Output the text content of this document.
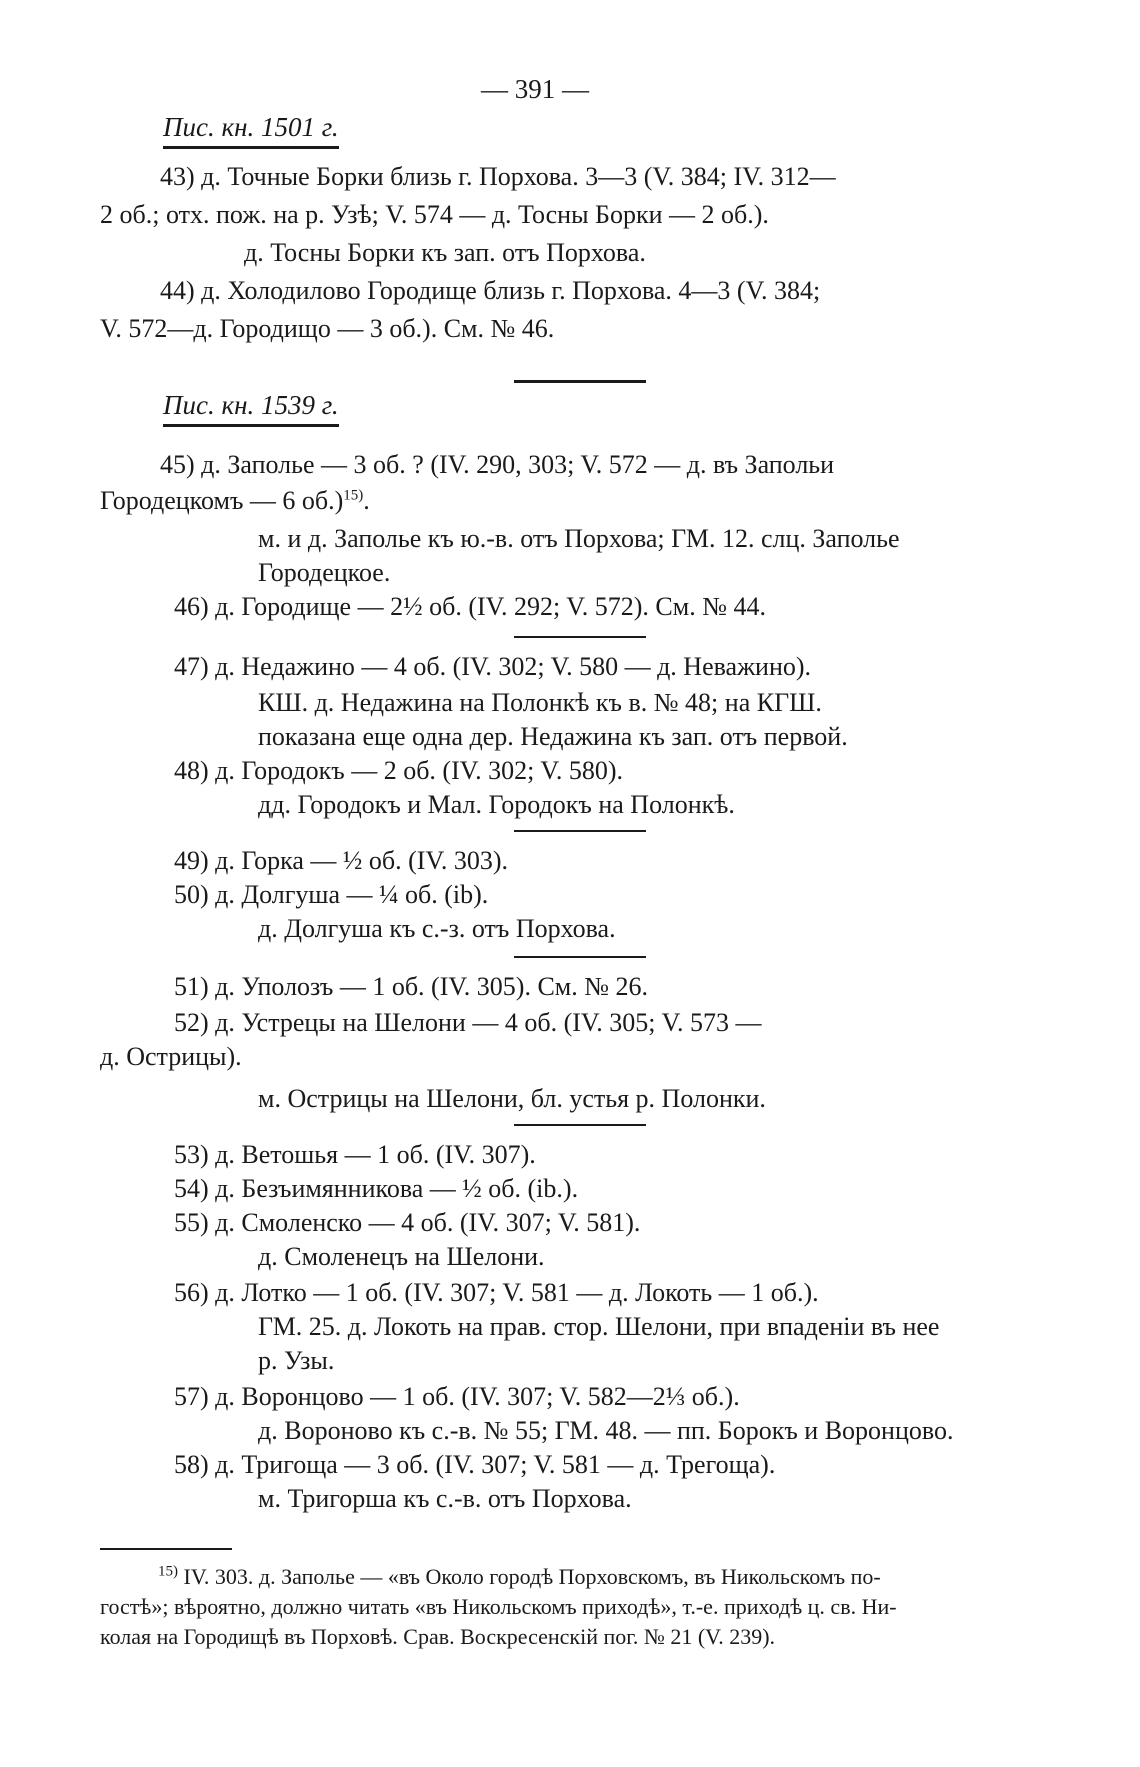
— 391 —
Пис. кн. 1501 г.
43) д. Точные Борки близь г. Порхова. 3—3 (V. 384; IV. 312—
2 об.; отх. пож. на р. Узѣ; V. 574 — д. Тосны Борки — 2 об.).
д. Тосны Борки къ зап. отъ Порхова.
44) д. Холодилово Городище близь г. Порхова. 4—3 (V. 384;
V. 572—д. Городищо — 3 об.). См. № 46.
Пис. кн. 1539 г.
45) д. Заполье — 3 об. ? (IV. 290, 303; V. 572 — д. въ Запольи
Городецкомъ — 6 об.)$^{15)}$.
м. и д. Заполье къ ю.-в. отъ Порхова; ГМ. 12. слц. Заполье
Городецкое.
46) д. Городище — 2½ об. (IV. 292; V. 572). См. № 44.
47) д. Недажино — 4 об. (IV. 302; V. 580 — д. Неважино).
КШ. д. Недажина на Полонкѣ къ в. № 48; на КГШ.
показана еще одна дер. Недажина къ зап. отъ первой.
48) д. Городокъ — 2 об. (IV. 302; V. 580).
дд. Городокъ и Мал. Городокъ на Полонкѣ.
49) д. Горка — ½ об. (IV. 303).
50) д. Долгуша — ¼ об. (ib).
д. Долгуша къ с.-з. отъ Порхова.
51) д. Уполозъ — 1 об. (IV. 305). См. № 26.
52) д. Устрецы на Шелони — 4 об. (IV. 305; V. 573 —
д. Острицы).
м. Острицы на Шелони, бл. устья р. Полонки.
53) д. Ветошья — 1 об. (IV. 307).
54) д. Безъимянникова — ½ об. (ib.).
55) д. Смоленско — 4 об. (IV. 307; V. 581).
д. Смоленецъ на Шелони.
56) д. Лотко — 1 об. (IV. 307; V. 581 — д. Локоть — 1 об.).
ГМ. 25. д. Локоть на прав. стор. Шелони, при впаденіи въ нее
р. Узы.
57) д. Воронцово — 1 об. (IV. 307; V. 582—2⅓ об.).
д. Вороново къ с.-в. № 55; ГМ. 48. — пп. Борокъ и Воронцово.
58) д. Тригоща — 3 об. (IV. 307; V. 581 — д. Трегоща).
м. Тригорша къ с.-в. отъ Порхова.
$^{15)}$ IV. 303. д. Заполье — «въ Около городѣ Порховскомъ, въ Никольскомъ по-
гостѣ»; вѣроятно, должно читать «въ Никольскомъ приходѣ», т.-е. приходѣ ц. св. Ни-
колая на Городищѣ въ Порховѣ. Срав. Воскресенскій пог. № 21 (V. 239).
